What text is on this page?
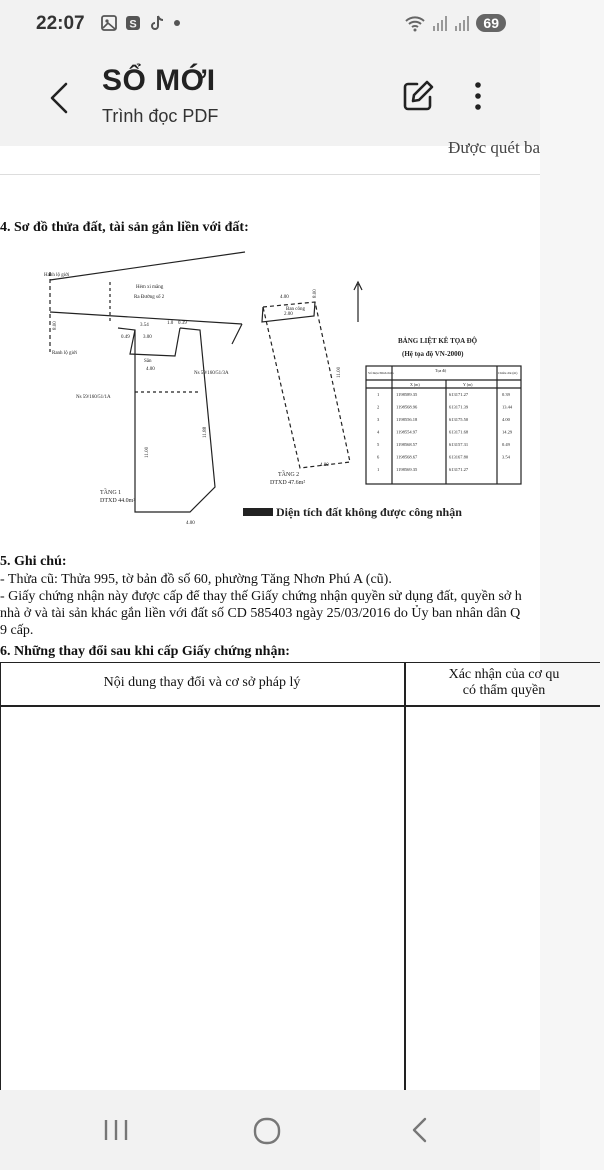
22:07	S	69
SỔ MỚI
Trình đọc PDF
Được quét ba
4. Sơ đồ thửa đất, tài sản gắn liền với đất:
Hanh lộ giới
Hẻm xi măng
Ra Đường số 2
Ranh lộ giới
Sân
Ban công
Ns 59/160/51/1A
Ns 59/160/51/3A
TẦNG 1
DTXD 44.0m²
TẦNG 2
DTXD 47.6m²
Diện tích đất không được công nhận
8.00	3.54	1.0 0.39
0.49	3.00
4.00
11.00
11.88
4.00
2.00
8.00
4.00
4.00
11.00
BẢNG LIỆT KÊ TỌA ĐỘ
(Hệ tọa độ VN-2000)
Tọa độ
Số hiệu Đỉnh thửa
X (m)	Y (m)
Chiều dài (m)
1	1198589.35	613171.27	0.39
2	1198568.96	613171.39	13.44
3	1198556.18	613175.50	4.00
4	1198554.97	613171.68	14.29
5	1198568.57	613157.31	0.49
6	1198568.67	613167.80	3.54
1	1198569.35	613171.27
5. Ghi chú:
- Thửa cũ: Thửa 995, tờ bản đồ số 60, phường Tăng Nhơn Phú A (cũ).
- Giấy chứng nhận này được cấp để thay thế Giấy chứng nhận quyền sử dụng đất, quyền sở h
nhà ở và tài sản khác gắn liền với đất số CD 585403 ngày 25/03/2016 do Ủy ban nhân dân Q
9 cấp.
6. Những thay đổi sau khi cấp Giấy chứng nhận:
Nội dung thay đổi và cơ sở pháp lý
Xác nhận của cơ qu
có thẩm quyền
